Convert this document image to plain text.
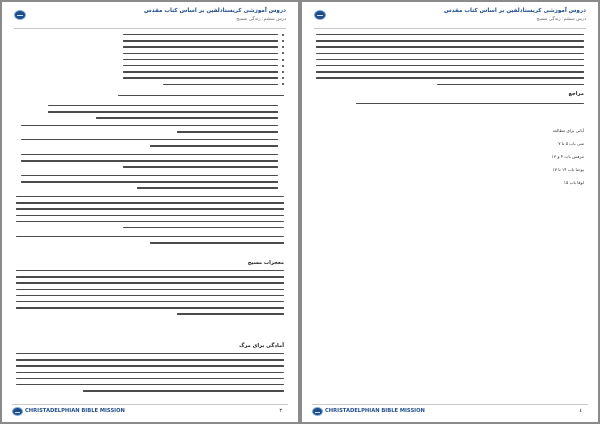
دروس آموزشی کریستادلفین بر اساس کتاب مقدس
درس ششم: زندگی مسیح
معجزات مسیح
آمادگی برای مرگ
CHRISTADELPHIAN BIBLE MISSION	٣
دروس آموزشی کریستادلفین بر اساس کتاب مقدس
درس ششم: زندگی مسیح
مراجع
آیاتی برای مطالعه
متی باب ۵ تا ۷
مرقس باب ۴ و ۱۳
یوحنا باب ۱۴ تا ۱۷
لوقا باب ۱۵
CHRISTADELPHIAN BIBLE MISSION	٤
